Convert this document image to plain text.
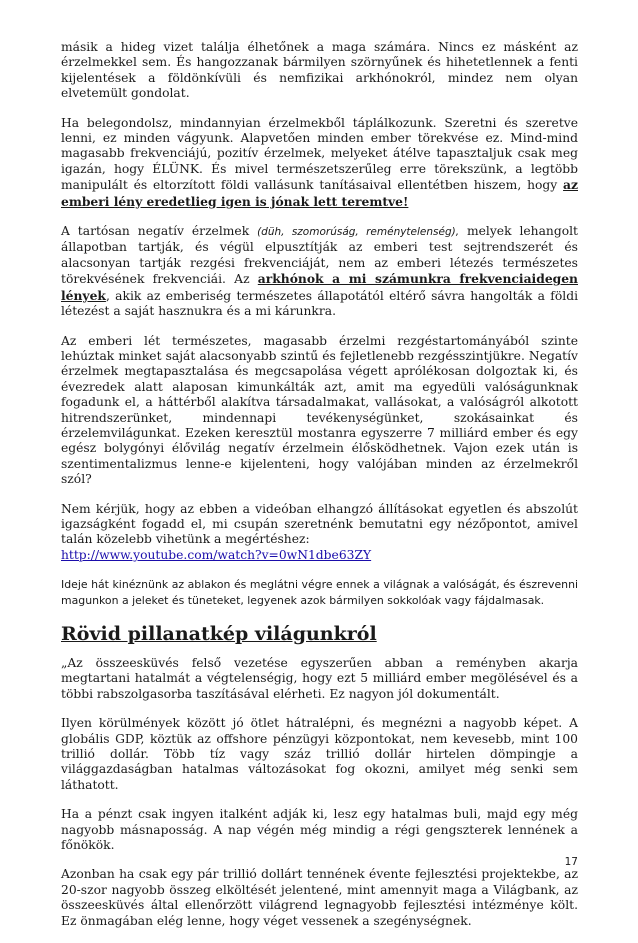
másik a hideg vizet találja élhetőnek a maga számára. Nincs ez másként az érzelmekkel sem. És hangozzanak bármilyen szörnyűnek és hihetetlennek a fenti kijelentések a földönkívüli és nemfizikai arkhónokról, mindez nem olyan elvetemült gondolat.

Ha belegondolsz, mindannyian érzelmekből táplálkozunk. Szeretni és szeretve lenni, ez minden vágyunk. Alapvetően minden ember törekvése ez. Mind-mind magasabb frekvenciájú, pozitív érzelmek, melyeket átélve tapasztaljuk csak meg igazán, hogy ÉLÜNK. És mivel természetszerűleg erre törekszünk, a legtöbb manipulált és eltorzított földi vallásunk tanításaival ellentétben hiszem, hogy az emberi lény eredetlieg igen is jónak lett teremtve!

A tartósan negatív érzelmek (düh, szomorúság, reménytelenség), melyek lehangolt állapotban tartják, és végül elpusztítják az emberi test sejtrendszerét és alacsonyan tartják rezgési frekvenciáját, nem az emberi létezés természetes törekvésének frekvenciái. Az arkhónok a mi számunkra frekvenciaidegen lények, akik az emberiség természetes állapotától eltérő sávra hangolták a földi létezést a saját hasznukra és a mi kárunkra.

Az emberi lét természetes, magasabb érzelmi rezgéstartományából szinte lehúztak minket saját alacsonyabb szintű és fejletlenebb rezgésszintjükre. Negatív érzelmek megtapasztalása és megcsapolása végett aprólékosan dolgoztak ki, és évezredek alatt alaposan kimunkálták azt, amit ma egyedüli valóságunknak fogadunk el, a háttérből alakítva társadalmakat, vallásokat, a valóságról alkotott hitrendszerünket, mindennapi tevékenységünket, szokásainkat és érzelemvilágunkat. Ezeken keresztül mostanra egyszerre 7 milliárd ember és egy egész bolygónyi élővilág negatív érzelmein élősködhetnek. Vajon ezek után is szentimentalizmus lenne-e kijelenteni, hogy valójában minden az érzelmekről szól?

Nem kérjük, hogy az ebben a videóban elhangzó állításokat egyetlen és abszolút igazságként fogadd el, mi csupán szeretnénk bemutatni egy nézőpontot, amivel talán közelebb vihetünk a megértéshez:
http://www.youtube.com/watch?v=0wN1dbe63ZY

Ideje hát kinéznünk az ablakon és meglátni végre ennek a világnak a valóságát, és észrevenni magunkon a jeleket és tüneteket, legyenek azok bármilyen sokkolóak vagy fájdalmasak.

Rövid pillanatkép világunkról

„Az összeesküvés felső vezetése egyszerűen abban a reményben akarja megtartani hatalmát a végtelenségig, hogy ezt 5 milliárd ember megölésével és a többi rabszolgasorba taszításával elérheti. Ez nagyon jól dokumentált.

Ilyen körülmények között jó ötlet hátralépni, és megnézni a nagyobb képet. A globális GDP, köztük az offshore pénzügyi központokat, nem kevesebb, mint 100 trillió dollár. Több tíz vagy száz trillió dollár hirtelen dömpingje a világgazdaságban hatalmas változásokat fog okozni, amilyet még senki sem láthatott.

Ha a pénzt csak ingyen italként adják ki, lesz egy hatalmas buli, majd egy még nagyobb másnaposság. A nap végén még mindig a régi gengszterek lennének a főnökök.

Azonban ha csak egy pár trillió dollárt tennének évente fejlesztési projektekbe, az 20-szor nagyobb összeg elköltését jelentené, mint amennyit maga a Világbank, az összeesküvés által ellenőrzött világrend legnagyobb fejlesztési intézménye költ. Ez önmagában elég lenne, hogy véget vessenek a szegénységnek.

17
